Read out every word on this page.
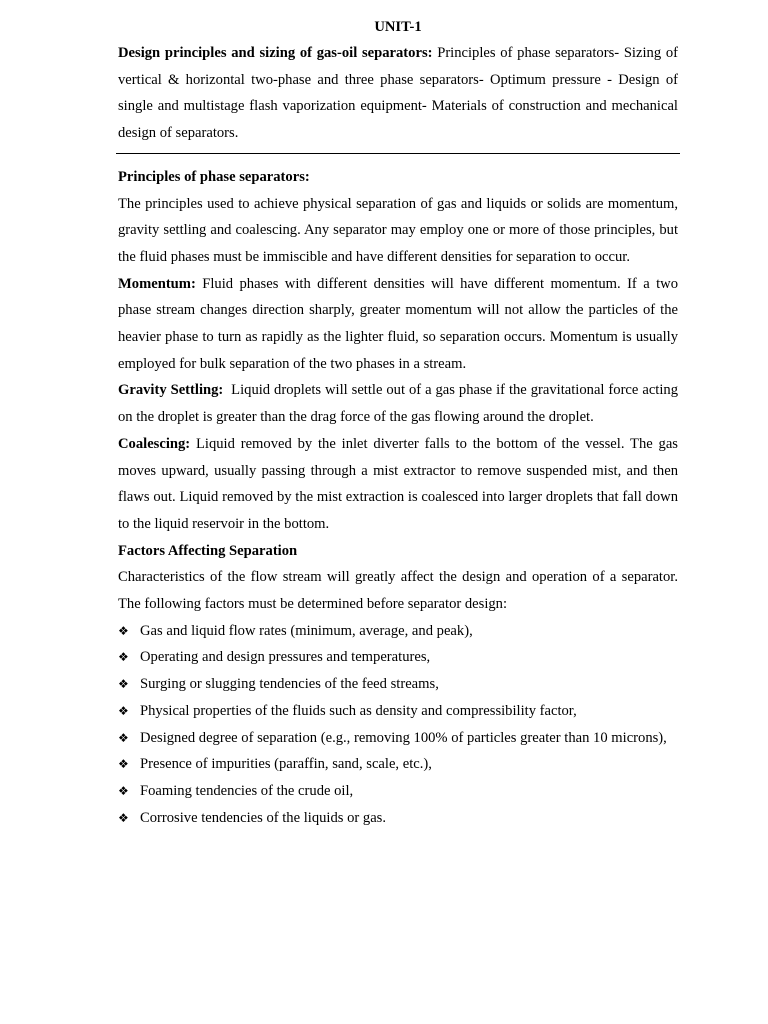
UNIT-1

Design principles and sizing of gas-oil separators: Principles of phase separators- Sizing of vertical & horizontal two-phase and three phase separators- Optimum pressure - Design of single and multistage flash vaporization equipment- Materials of construction and mechanical design of separators.

Principles of phase separators:

The principles used to achieve physical separation of gas and liquids or solids are momentum, gravity settling and coalescing. Any separator may employ one or more of those principles, but the fluid phases must be immiscible and have different densities for separation to occur.

Momentum: Fluid phases with different densities will have different momentum. If a two phase stream changes direction sharply, greater momentum will not allow the particles of the heavier phase to turn as rapidly as the lighter fluid, so separation occurs. Momentum is usually employed for bulk separation of the two phases in a stream.

Gravity Settling:  Liquid droplets will settle out of a gas phase if the gravitational force acting on the droplet is greater than the drag force of the gas flowing around the droplet.

Coalescing: Liquid removed by the inlet diverter falls to the bottom of the vessel. The gas moves upward, usually passing through a mist extractor to remove suspended mist, and then flaws out. Liquid removed by the mist extraction is coalesced into larger droplets that fall down to the liquid reservoir in the bottom.

Factors Affecting Separation

Characteristics of the flow stream will greatly affect the design and operation of a separator. The following factors must be determined before separator design:

❖ Gas and liquid flow rates (minimum, average, and peak),
❖ Operating and design pressures and temperatures,
❖ Surging or slugging tendencies of the feed streams,
❖ Physical properties of the fluids such as density and compressibility factor,
❖ Designed degree of separation (e.g., removing 100% of particles greater than 10 microns),
❖ Presence of impurities (paraffin, sand, scale, etc.),
❖ Foaming tendencies of the crude oil,
❖ Corrosive tendencies of the liquids or gas.
